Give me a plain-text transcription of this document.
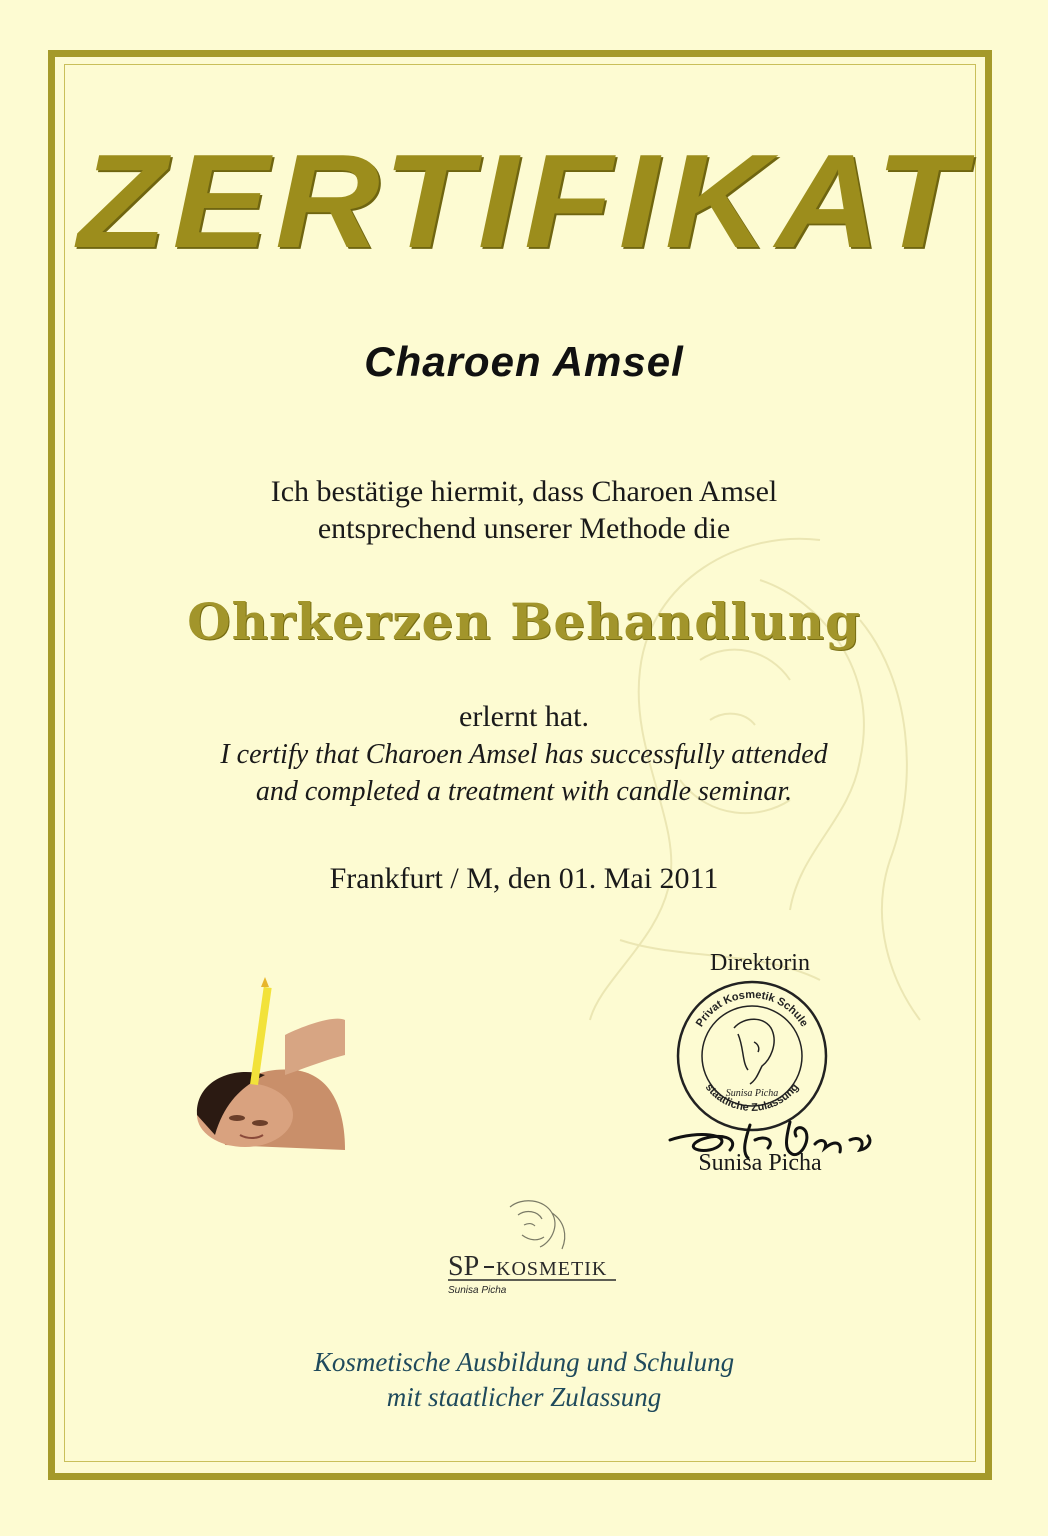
ZERTIFIKAT
Charoen Amsel
Ich bestätige hiermit, dass Charoen Amsel
entsprechend unserer Methode die
Ohrkerzen Behandlung
erlernt hat.
I certify that Charoen Amsel has successfully attended
and completed a treatment with candle seminar.
Frankfurt / M, den 01. Mai 2011
Direktorin
Privat Kosmetik Schule
staatliche Zulassung
Sunisa Picha
Sunisa Picha
SP KOSMETIK
Sunisa Picha
Kosmetische Ausbildung und Schulung
mit staatlicher Zulassung
